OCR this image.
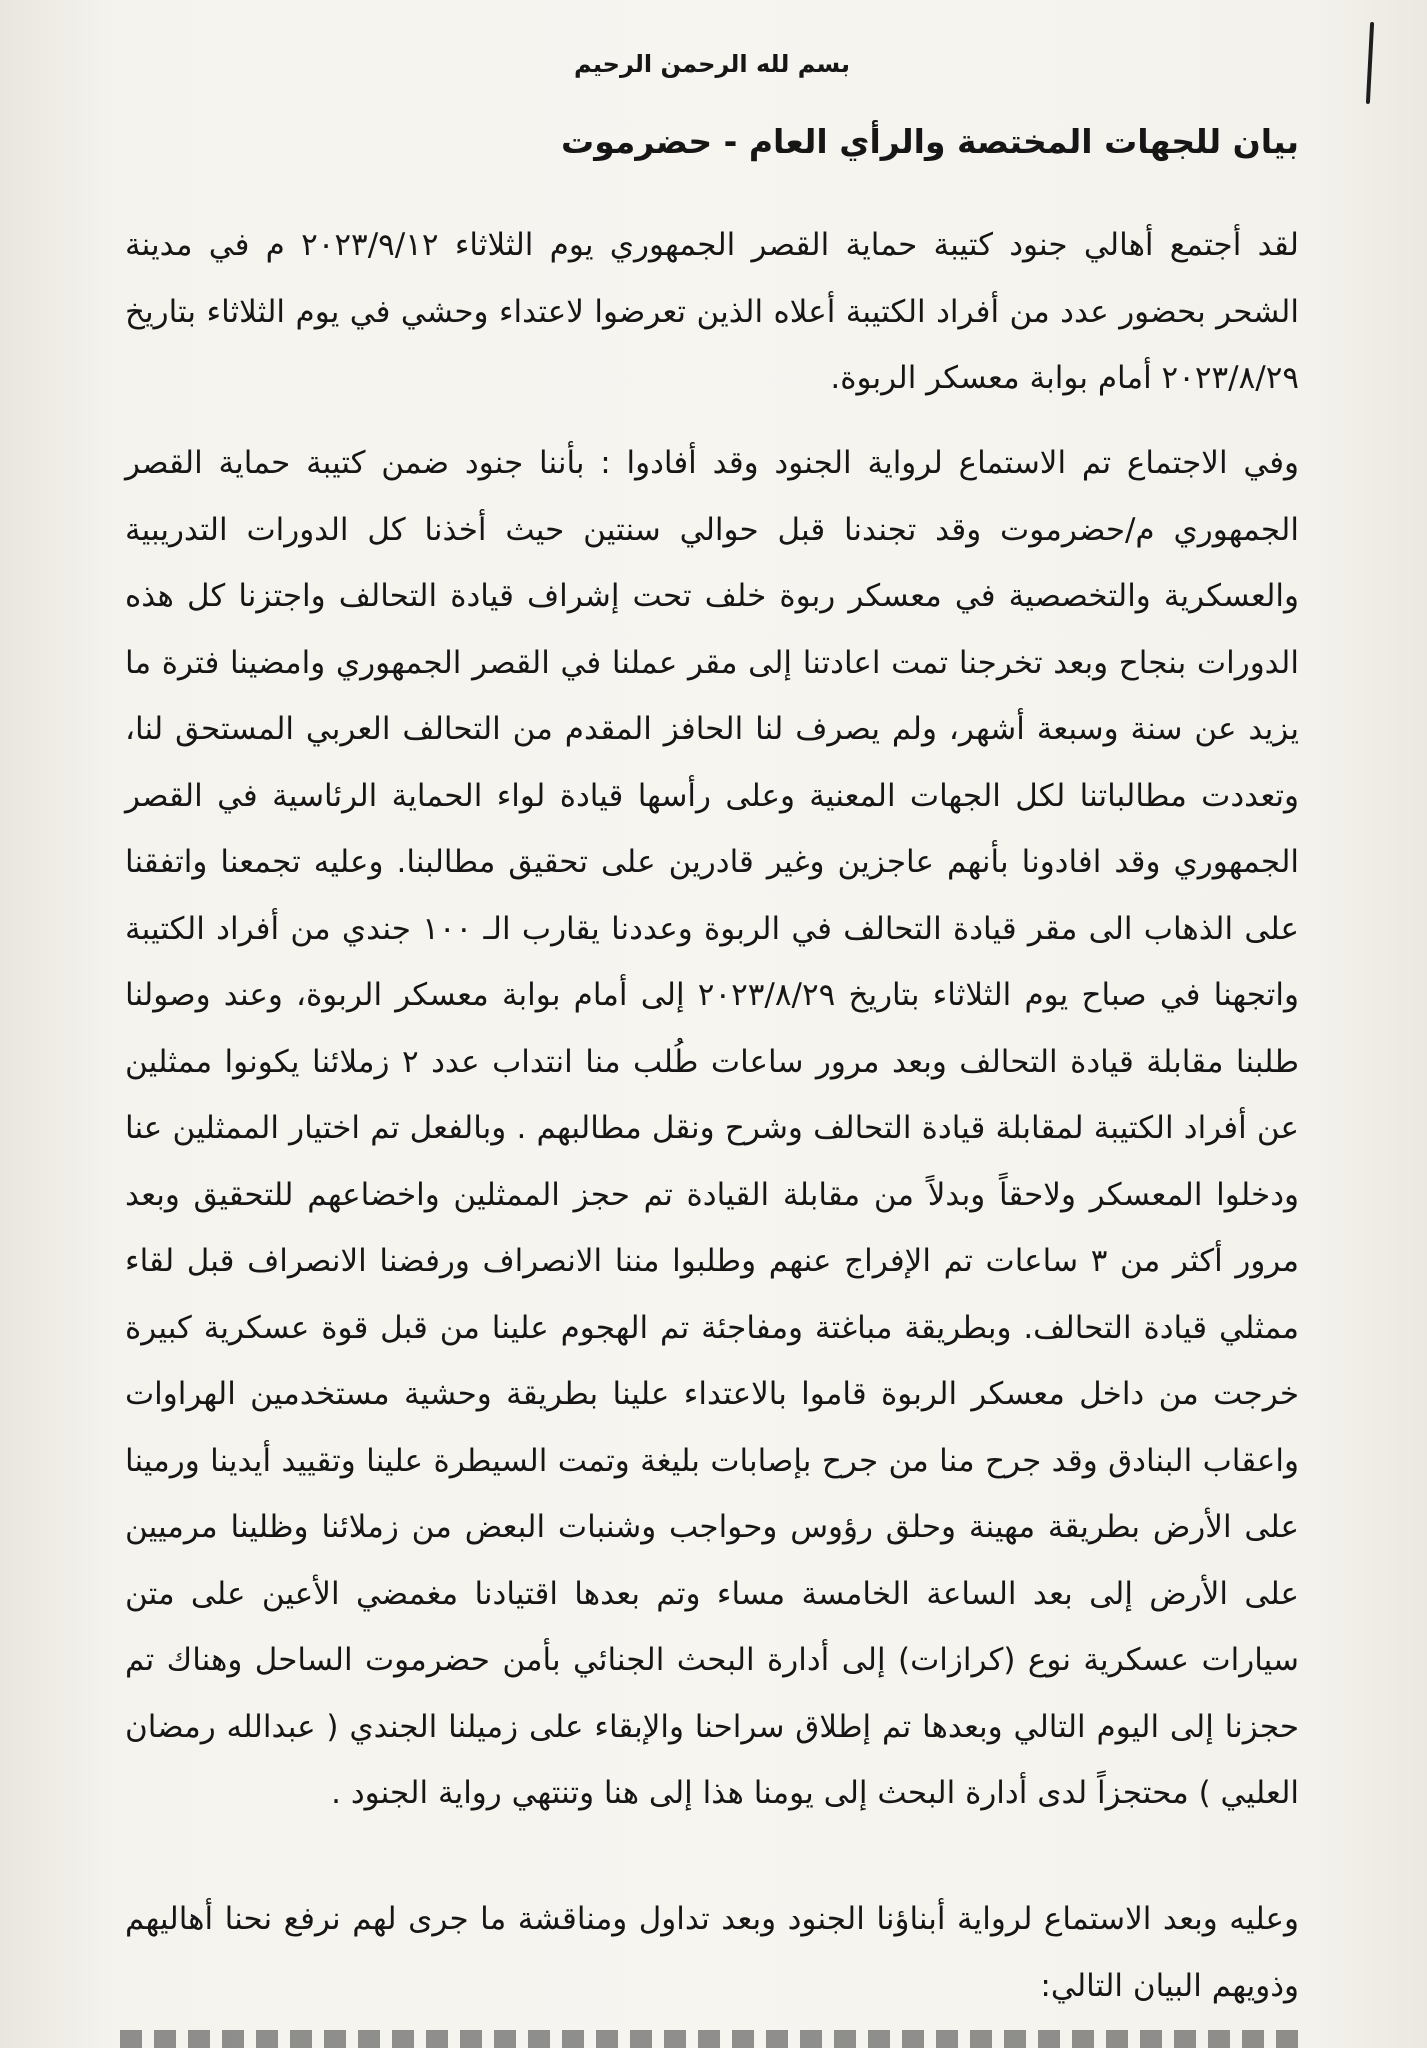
بسم لله الرحمن الرحيم

بيان للجهات المختصة والرأي العام - حضرموت

لقد أجتمع أهالي جنود كتيبة حماية القصر الجمهوري يوم الثلاثاء ٢٠٢٣/٩/١٢ م في مدينة الشحر بحضور عدد من أفراد الكتيبة أعلاه الذين تعرضوا لاعتداء وحشي في يوم الثلاثاء بتاريخ ٢٠٢٣/٨/٢٩ أمام بوابة معسكر الربوة.

وفي الاجتماع تم الاستماع لرواية الجنود وقد أفادوا : بأننا جنود ضمن كتيبة حماية القصر الجمهوري م/حضرموت وقد تجندنا قبل حوالي سنتين حيث أخذنا كل الدورات التدريبية والعسكرية والتخصصية في معسكر ربوة خلف تحت إشراف قيادة التحالف واجتزنا كل هذه الدورات بنجاح وبعد تخرجنا تمت اعادتنا إلى مقر عملنا في القصر الجمهوري وامضينا فترة ما يزيد عن سنة وسبعة أشهر، ولم يصرف لنا الحافز المقدم من التحالف العربي المستحق لنا، وتعددت مطالباتنا لكل الجهات المعنية وعلى رأسها قيادة لواء الحماية الرئاسية في القصر الجمهوري وقد افادونا بأنهم عاجزين وغير قادرين على تحقيق مطالبنا. وعليه تجمعنا واتفقنا على الذهاب الى مقر قيادة التحالف في الربوة وعددنا يقارب الـ ١٠٠ جندي من أفراد الكتيبة واتجهنا في صباح يوم الثلاثاء بتاريخ ٢٠٢٣/٨/٢٩ إلى أمام بوابة معسكر الربوة، وعند وصولنا طلبنا مقابلة قيادة التحالف وبعد مرور ساعات طُلب منا انتداب عدد ٢ زملائنا يكونوا ممثلين عن أفراد الكتيبة لمقابلة قيادة التحالف وشرح ونقل مطالبهم . وبالفعل تم اختيار الممثلين عنا ودخلوا المعسكر ولاحقاً وبدلاً من مقابلة القيادة تم حجز الممثلين واخضاعهم للتحقيق وبعد مرور أكثر من ٣ ساعات تم الإفراج عنهم وطلبوا مننا الانصراف ورفضنا الانصراف قبل لقاء ممثلي قيادة التحالف. وبطريقة مباغتة ومفاجئة تم الهجوم علينا من قبل قوة عسكرية كبيرة خرجت من داخل معسكر الربوة قاموا بالاعتداء علينا بطريقة وحشية مستخدمين الهراوات واعقاب البنادق وقد جرح منا من جرح بإصابات بليغة وتمت السيطرة علينا وتقييد أيدينا ورمينا على الأرض بطريقة مهينة وحلق رؤوس وحواجب وشنبات البعض من زملائنا وظلينا مرميين على الأرض إلى بعد الساعة الخامسة مساء وتم بعدها اقتيادنا مغمضي الأعين على متن سيارات عسكرية نوع (كرازات) إلى أدارة البحث الجنائي بأمن حضرموت الساحل وهناك تم حجزنا إلى اليوم التالي وبعدها تم إطلاق سراحنا والإبقاء على زميلنا الجندي ( عبدالله رمضان العليي ) محتجزاً لدى أدارة البحث إلى يومنا هذا إلى هنا وتنتهي رواية الجنود .

وعليه وبعد الاستماع لرواية أبناؤنا الجنود وبعد تداول ومناقشة ما جرى لهم نرفع نحنا أهاليهم وذويهم البيان التالي:
